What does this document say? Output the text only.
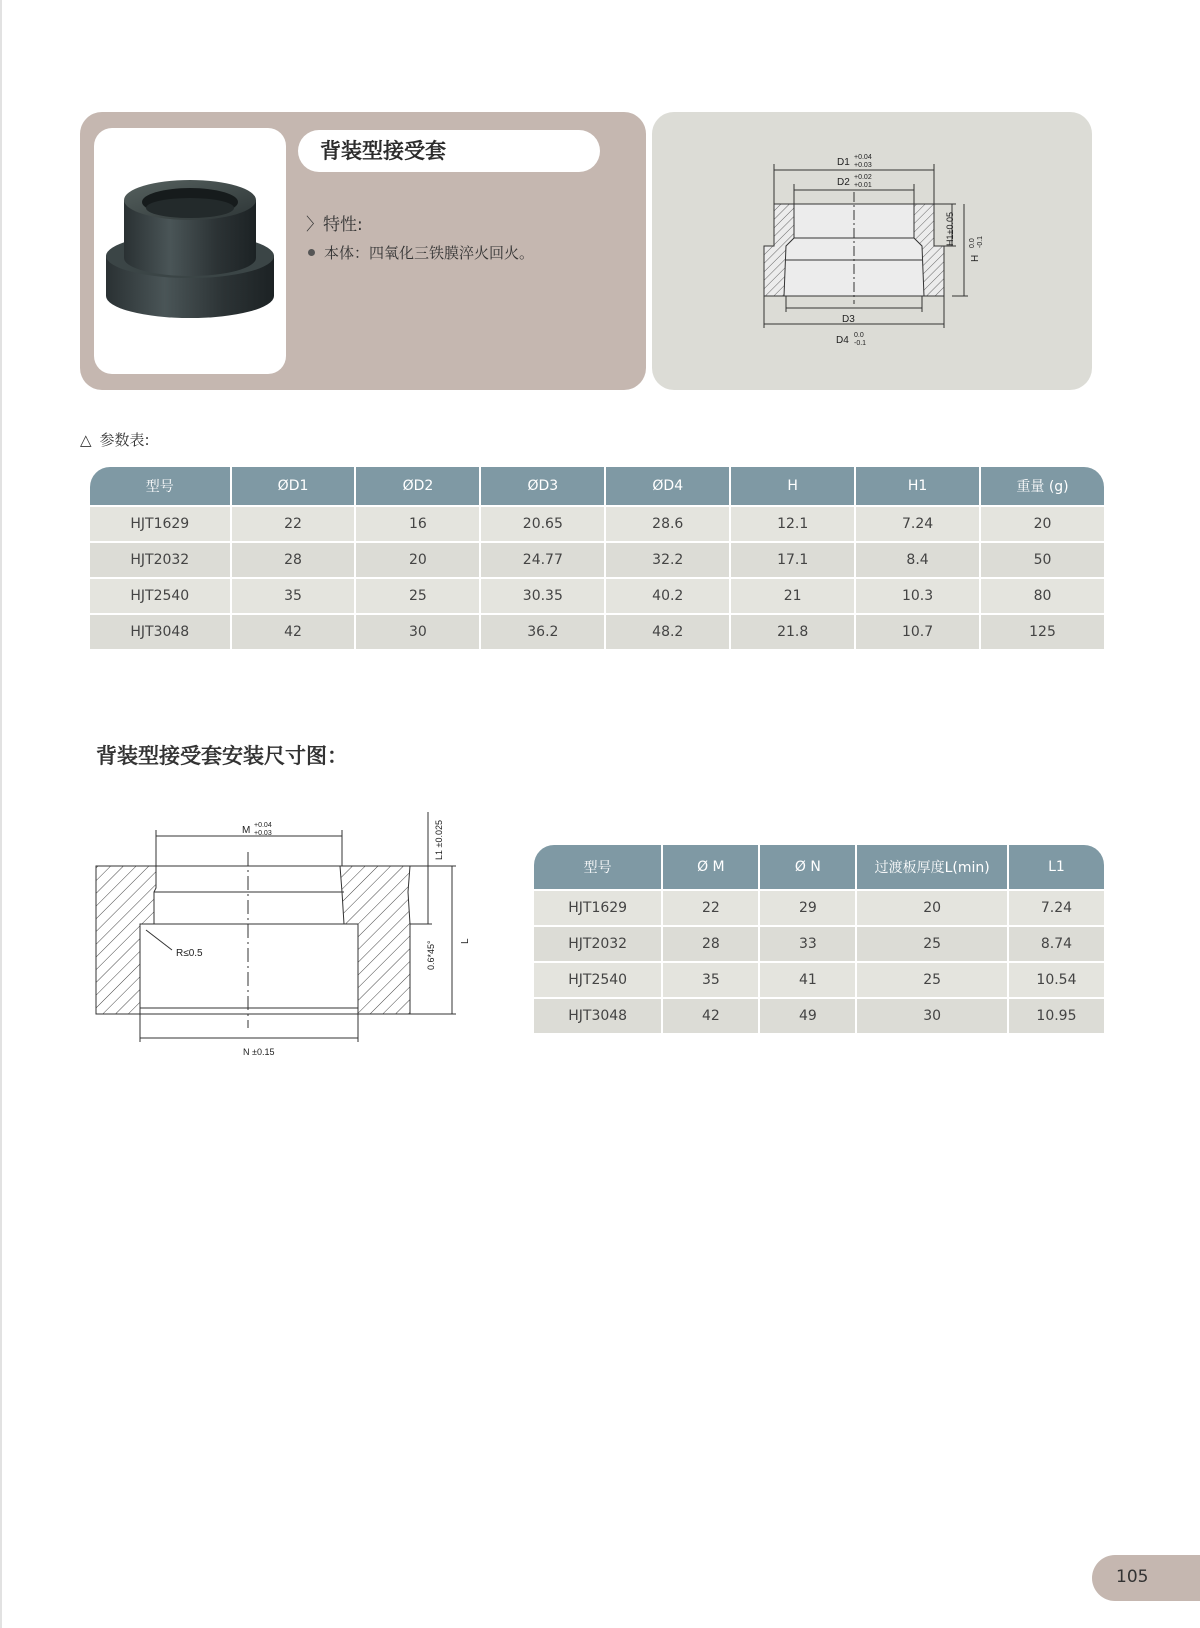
背装型接受套
〉特性:
本体：四氧化三铁膜淬火回火。
D1 +0.04
+0.03
D2 +0.02
+0.01
D3
D4 0.0
-0.1
H1±0.05
H
0.0 -0.1
△ 参数表:
型号	ØD1	ØD2	ØD3	ØD4	H	H1	重量 (g)
HJT1629	22	16	20.65	28.6	12.1	7.24	20
HJT2032	28	20	24.77	32.2	17.1	8.4	50
HJT2540	35	25	30.35	40.2	21	10.3	80
HJT3048	42	30	36.2	48.2	21.8	10.7	125
背装型接受套安装尺寸图：
M +0.04
+0.03	L1 ±0.025
0.6*45° L
R≤0.5
N ±0.15
型号	Ø M	Ø N	过渡板厚度L(min)	L1
HJT1629	22	29	20	7.24
HJT2032	28	33	25	8.74
HJT2540	35	41	25	10.54
HJT3048	42	49	30	10.95
105
